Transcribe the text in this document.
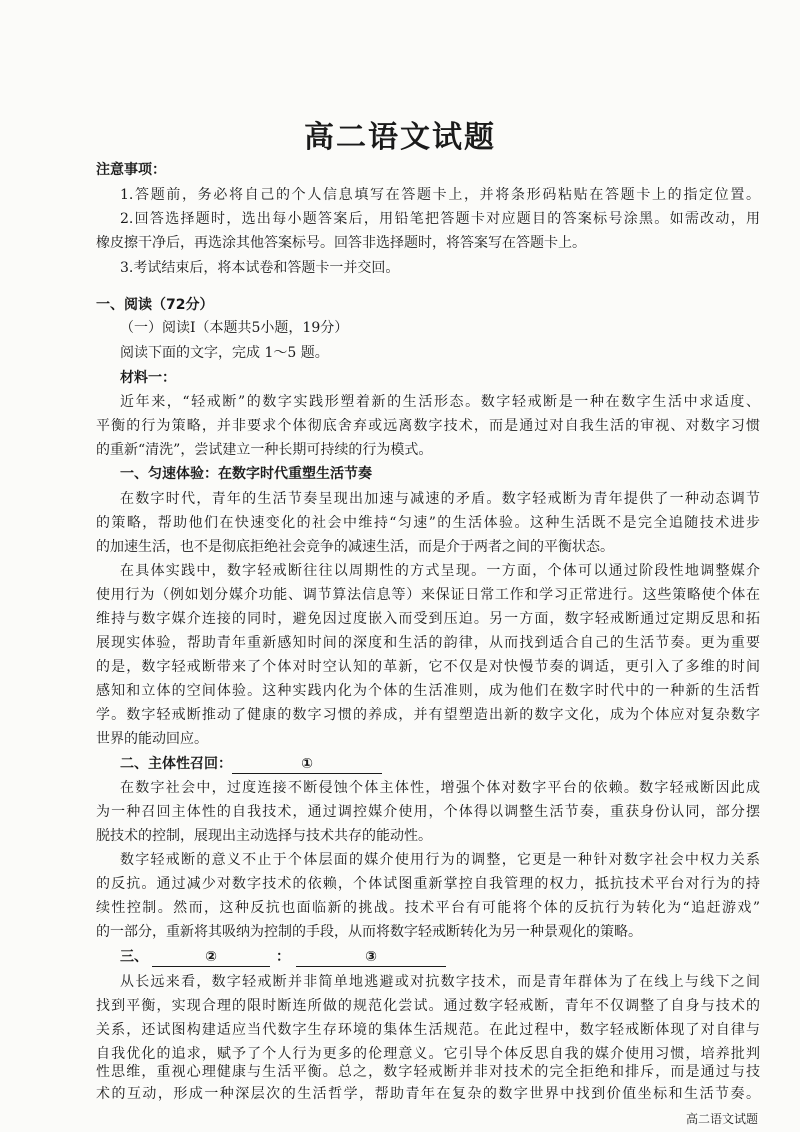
高二语文试题
注意事项：
1.答题前，务必将自己的个人信息填写在答题卡上，并将条形码粘贴在答题卡上的指定位置。
2.回答选择题时，选出每小题答案后，用铅笔把答题卡对应题目的答案标号涂黑。如需改动，用
橡皮擦干净后，再选涂其他答案标号。回答非选择题时，将答案写在答题卡上。
3.考试结束后，将本试卷和答题卡一并交回。
一、阅读（72分）
（一）阅读Ⅰ（本题共5小题，19分）
阅读下面的文字，完成 1～5 题。
材料一：
近年来，“轻戒断”的数字实践形塑着新的生活形态。数字轻戒断是一种在数字生活中求适度、
平衡的行为策略，并非要求个体彻底舍弃或远离数字技术，而是通过对自我生活的审视、对数字习惯
的重新“清洗”，尝试建立一种长期可持续的行为模式。
一、匀速体验：在数字时代重塑生活节奏
在数字时代，青年的生活节奏呈现出加速与减速的矛盾。数字轻戒断为青年提供了一种动态调节
的策略，帮助他们在快速变化的社会中维持“匀速”的生活体验。这种生活既不是完全追随技术进步
的加速生活，也不是彻底拒绝社会竞争的减速生活，而是介于两者之间的平衡状态。
在具体实践中，数字轻戒断往往以周期性的方式呈现。一方面，个体可以通过阶段性地调整媒介
使用行为（例如划分媒介功能、调节算法信息等）来保证日常工作和学习正常进行。这些策略使个体在
维持与数字媒介连接的同时，避免因过度嵌入而受到压迫。另一方面，数字轻戒断通过定期反思和拓
展现实体验，帮助青年重新感知时间的深度和生活的韵律，从而找到适合自己的生活节奏。更为重要
的是，数字轻戒断带来了个体对时空认知的革新，它不仅是对快慢节奏的调适，更引入了多维的时间
感知和立体的空间体验。这种实践内化为个体的生活准则，成为他们在数字时代中的一种新的生活哲
学。数字轻戒断推动了健康的数字习惯的养成，并有望塑造出新的数字文化，成为个体应对复杂数字
世界的能动回应。
二、主体性召回：	①
在数字社会中，过度连接不断侵蚀个体主体性，增强个体对数字平台的依赖。数字轻戒断因此成
为一种召回主体性的自我技术，通过调控媒介使用，个体得以调整生活节奏，重获身份认同，部分摆
脱技术的控制，展现出主动选择与技术共存的能动性。
数字轻戒断的意义不止于个体层面的媒介使用行为的调整，它更是一种针对数字社会中权力关系
的反抗。通过减少对数字技术的依赖，个体试图重新掌控自我管理的权力，抵抗技术平台对行为的持
续性控制。然而，这种反抗也面临新的挑战。技术平台有可能将个体的反抗行为转化为“追赶游戏”
的一部分，重新将其吸纳为控制的手段，从而将数字轻戒断转化为另一种景观化的策略。
三、	②	：	③
从长远来看，数字轻戒断并非简单地逃避或对抗数字技术，而是青年群体为了在线上与线下之间
找到平衡，实现合理的限时断连所做的规范化尝试。通过数字轻戒断，青年不仅调整了自身与技术的
关系，还试图构建适应当代数字生存环境的集体生活规范。在此过程中，数字轻戒断体现了对自律与
自我优化的追求，赋予了个人行为更多的伦理意义。它引导个体反思自我的媒介使用习惯，培养批判
高二语文试题
性思维，重视心理健康与生活平衡。总之，数字轻戒断并非对技术的完全拒绝和排斥，而是通过与技
术的互动，形成一种深层次的生活哲学，帮助青年在复杂的数字世界中找到价值坐标和生活节奏。
